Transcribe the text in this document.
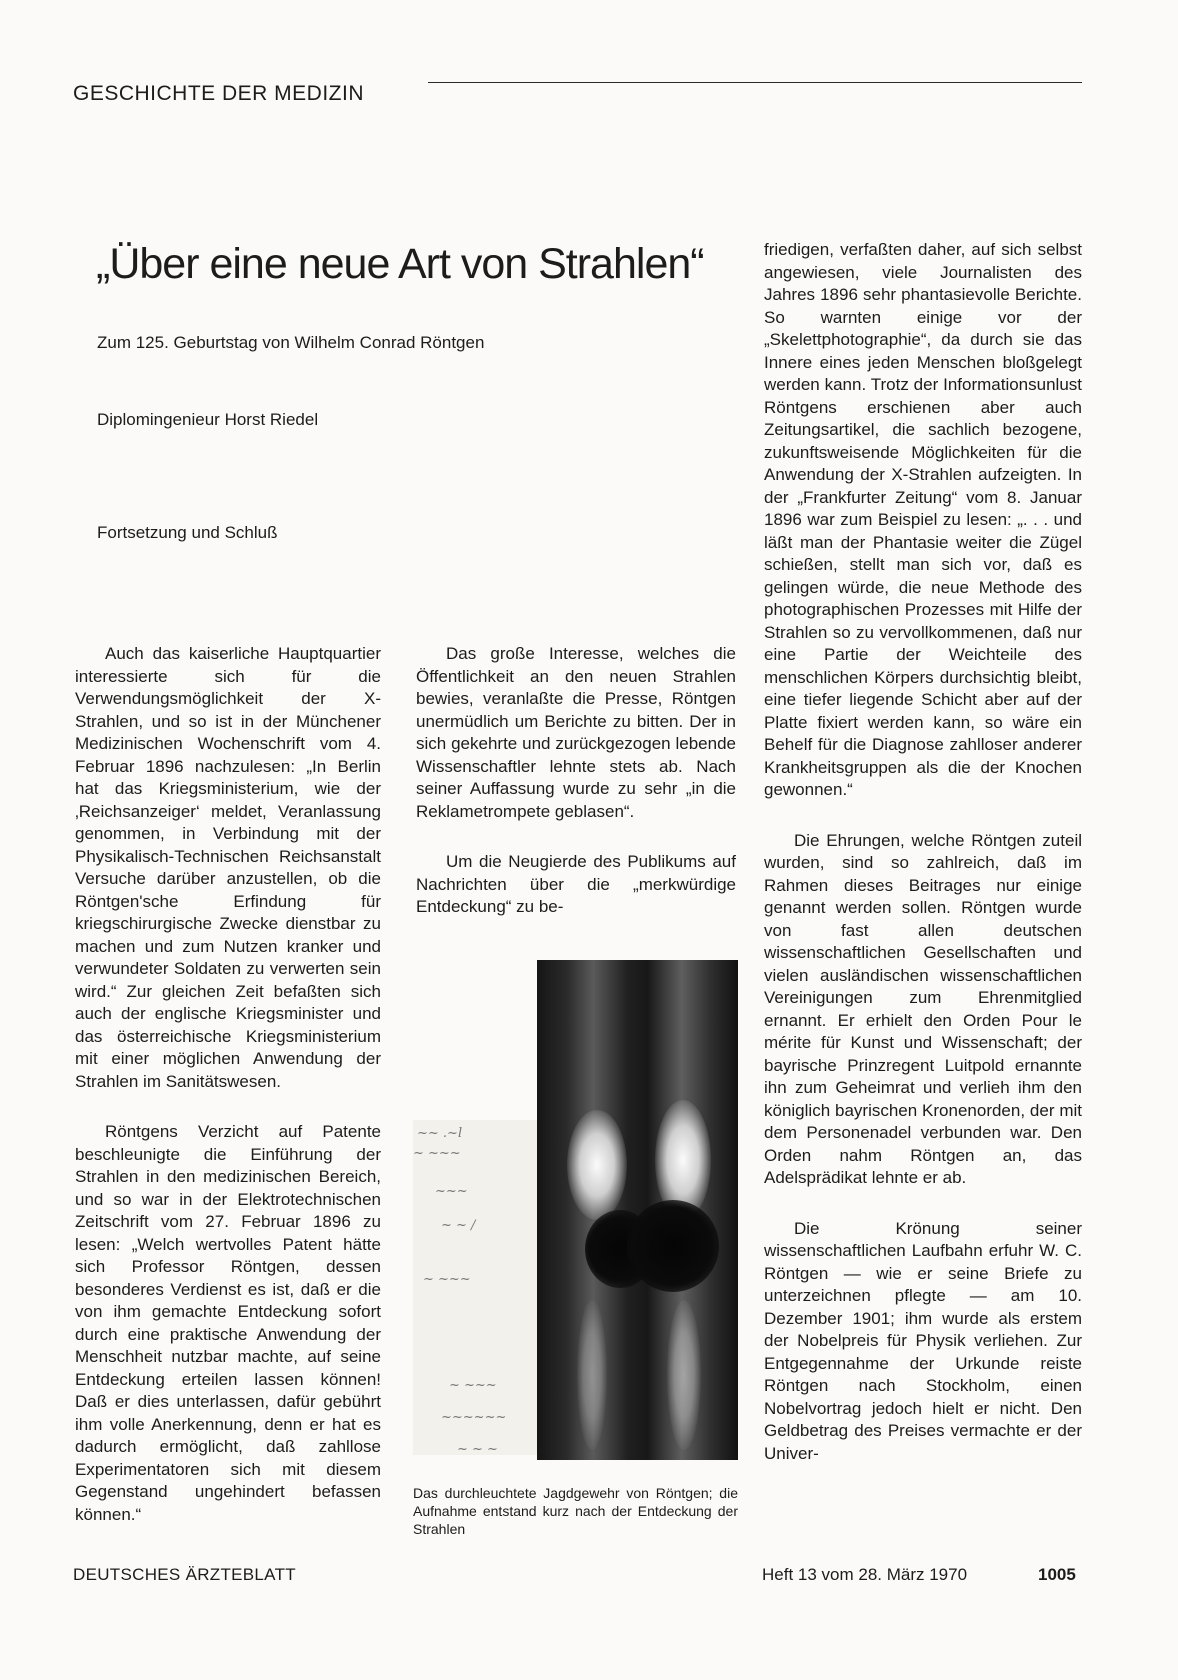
GESCHICHTE DER MEDIZIN
„Über eine neue Art von Strahlen“
Zum 125. Geburtstag von Wilhelm Conrad Röntgen
Diplomingenieur Horst Riedel
Fortsetzung und Schluß

Auch das kaiserliche Hauptquartier interessierte sich für die Verwendungsmöglichkeit der X-Strahlen, und so ist in der Münchener Medizinischen Wochenschrift vom 4. Februar 1896 nachzulesen: „In Berlin hat das Kriegsministerium, wie der ‚Reichsanzeiger‘ meldet, Veranlassung genommen, in Verbindung mit der Physikalisch-Technischen Reichsanstalt Versuche darüber anzustellen, ob die Röntgen'sche Erfindung für kriegschirurgische Zwecke dienstbar zu machen und zum Nutzen kranker und verwundeter Soldaten zu verwerten sein wird.“ Zur gleichen Zeit befaßten sich auch der englische Kriegsminister und das österreichische Kriegsministerium mit einer möglichen Anwendung der Strahlen im Sanitätswesen.

Röntgens Verzicht auf Patente beschleunigte die Einführung der Strahlen in den medizinischen Bereich, und so war in der Elektrotechnischen Zeitschrift vom 27. Februar 1896 zu lesen: „Welch wertvolles Patent hätte sich Professor Röntgen, dessen besonderes Verdienst es ist, daß er die von ihm gemachte Entdeckung sofort durch eine praktische Anwendung der Menschheit nutzbar machte, auf seine Entdeckung erteilen lassen können! Daß er dies unterlassen, dafür gebührt ihm volle Anerkennung, denn er hat es dadurch ermöglicht, daß zahllose Experimentatoren sich mit diesem Gegenstand ungehindert befassen können.“

Das große Interesse, welches die Öffentlichkeit an den neuen Strahlen bewies, veranlaßte die Presse, Röntgen unermüdlich um Berichte zu bitten. Der in sich gekehrte und zurückgezogen lebende Wissenschaftler lehnte stets ab. Nach seiner Auffassung wurde zu sehr „in die Reklametrompete geblasen“.

Um die Neugierde des Publikums auf Nachrichten über die „merkwürdige Entdeckung“ zu be-

~~ .~l
~ ~~~
~~~
~ ~ /
~ ~~~
~ ~~~
~~~~~~
~ ~ ~
Das durchleuchtete Jagdgewehr von Röntgen; die Aufnahme entstand kurz nach der Entdeckung der Strahlen

friedigen, verfaßten daher, auf sich selbst angewiesen, viele Journalisten des Jahres 1896 sehr phantasievolle Berichte. So warnten einige vor der „Skelettphotographie“, da durch sie das Innere eines jeden Menschen bloßgelegt werden kann. Trotz der Informationsunlust Röntgens erschienen aber auch Zeitungsartikel, die sachlich bezogene, zukunftsweisende Möglichkeiten für die Anwendung der X-Strahlen aufzeigten. In der „Frankfurter Zeitung“ vom 8. Januar 1896 war zum Beispiel zu lesen: „. . . und läßt man der Phantasie weiter die Zügel schießen, stellt man sich vor, daß es gelingen würde, die neue Methode des photographischen Prozesses mit Hilfe der Strahlen so zu vervollkommenen, daß nur eine Partie der Weichteile des menschlichen Körpers durchsichtig bleibt, eine tiefer liegende Schicht aber auf der Platte fixiert werden kann, so wäre ein Behelf für die Diagnose zahlloser anderer Krankheitsgruppen als die der Knochen gewonnen.“

Die Ehrungen, welche Röntgen zuteil wurden, sind so zahlreich, daß im Rahmen dieses Beitrages nur einige genannt werden sollen. Röntgen wurde von fast allen deutschen wissenschaftlichen Gesellschaften und vielen ausländischen wissenschaftlichen Vereinigungen zum Ehrenmitglied ernannt. Er erhielt den Orden Pour le mérite für Kunst und Wissenschaft; der bayrische Prinzregent Luitpold ernannte ihn zum Geheimrat und verlieh ihm den königlich bayrischen Kronenorden, der mit dem Personenadel verbunden war. Den Orden nahm Röntgen an, das Adelsprädikat lehnte er ab.

Die Krönung seiner wissenschaftlichen Laufbahn erfuhr W. C. Röntgen — wie er seine Briefe zu unterzeichnen pflegte — am 10. Dezember 1901; ihm wurde als erstem der Nobelpreis für Physik verliehen. Zur Entgegennahme der Urkunde reiste Röntgen nach Stockholm, einen Nobelvortrag jedoch hielt er nicht. Den Geldbetrag des Preises vermachte er der Univer-

DEUTSCHES ÄRZTEBLATT	Heft 13 vom 28. März 1970	1005
